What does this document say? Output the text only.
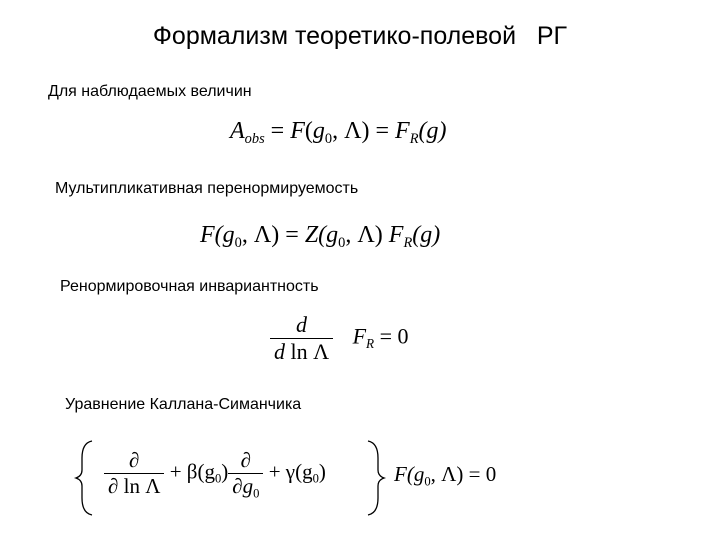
Формализм теоретико-полевой   РГ
Для наблюдаемых величин
$A_{obs} = F(g_0$, $\Lambda) = F_R(g)$
Мультипликативная перенормируемость
$F(g_0$, $\Lambda) = Z(g_0$, Λ) $F_R(g)$
Ренормировочная инвариантность
$\frac{d}{\text{d ln Λ}} F_R = 0$
Уравнение Каллана-Симанчика
$\frac{\partial}{\text{∂ ln Λ}} + \beta(g_0) \frac{\partial}{\partial g_0} + \gamma(g_0)$	$F(g_0$, Λ) = 0
